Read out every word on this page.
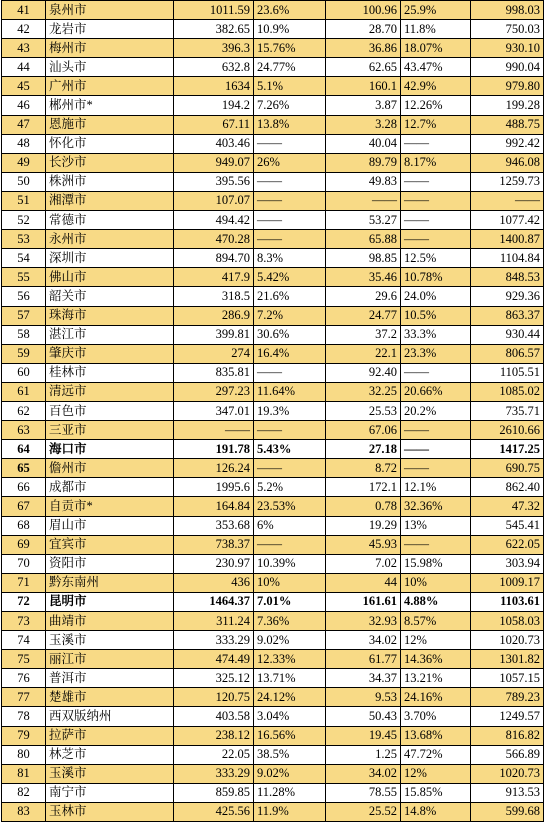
41	泉州市	1011.59	23.6%	100.96	25.9%	998.03
42	龙岩市	382.65	10.9%	28.70	11.8%	750.03
43	梅州市	396.3	15.76%	36.86	18.07%	930.10
44	汕头市	632.8	24.77%	62.65	43.47%	990.04
45	广州市	1634	5.1%	160.1	42.9%	979.80
46	郴州市*	194.2	7.26%	3.87	12.26%	199.28
47	恩施市	67.11	13.8%	3.28	12.7%	488.75
48	怀化市	403.46	——	40.04	——	992.42
49	长沙市	949.07	26%	89.79	8.17%	946.08
50	株洲市	395.56	——	49.83	——	1259.73
51	湘潭市	107.07	——	——	——	——
52	常德市	494.42	——	53.27	——	1077.42
53	永州市	470.28	——	65.88	——	1400.87
54	深圳市	894.70	8.3%	98.85	12.5%	1104.84
55	佛山市	417.9	5.42%	35.46	10.78%	848.53
56	韶关市	318.5	21.6%	29.6	24.0%	929.36
57	珠海市	286.9	7.2%	24.77	10.5%	863.37
58	湛江市	399.81	30.6%	37.2	33.3%	930.44
59	肇庆市	274	16.4%	22.1	23.3%	806.57
60	桂林市	835.81	——	92.40	——	1105.51
61	清远市	297.23	11.64%	32.25	20.66%	1085.02
62	百色市	347.01	19.3%	25.53	20.2%	735.71
63	三亚市	——	——	67.06	——	2610.66
64	海口市	191.78	5.43%	27.18	——	1417.25
65	儋州市	126.24	——	8.72	——	690.75
66	成都市	1995.6	5.2%	172.1	12.1%	862.40
67	自贡市*	164.84	23.53%	0.78	32.36%	47.32
68	眉山市	353.68	6%	19.29	13%	545.41
69	宜宾市	738.37	——	45.93	——	622.05
70	资阳市	230.97	10.39%	7.02	15.98%	303.94
71	黔东南州	436	10%	44	10%	1009.17
72	昆明市	1464.37	7.01%	161.61	4.88%	1103.61
73	曲靖市	311.24	7.36%	32.93	8.57%	1058.03
74	玉溪市	333.29	9.02%	34.02	12%	1020.73
75	丽江市	474.49	12.33%	61.77	14.36%	1301.82
76	普洱市	325.12	13.71%	34.37	13.21%	1057.15
77	楚雄市	120.75	24.12%	9.53	24.16%	789.23
78	西双版纳州	403.58	3.04%	50.43	3.70%	1249.57
79	拉萨市	238.12	16.56%	19.45	13.68%	816.82
80	林芝市	22.05	38.5%	1.25	47.72%	566.89
81	玉溪市	333.29	9.02%	34.02	12%	1020.73
82	南宁市	859.85	11.28%	78.55	15.85%	913.53
83	玉林市	425.56	11.9%	25.52	14.8%	599.68
